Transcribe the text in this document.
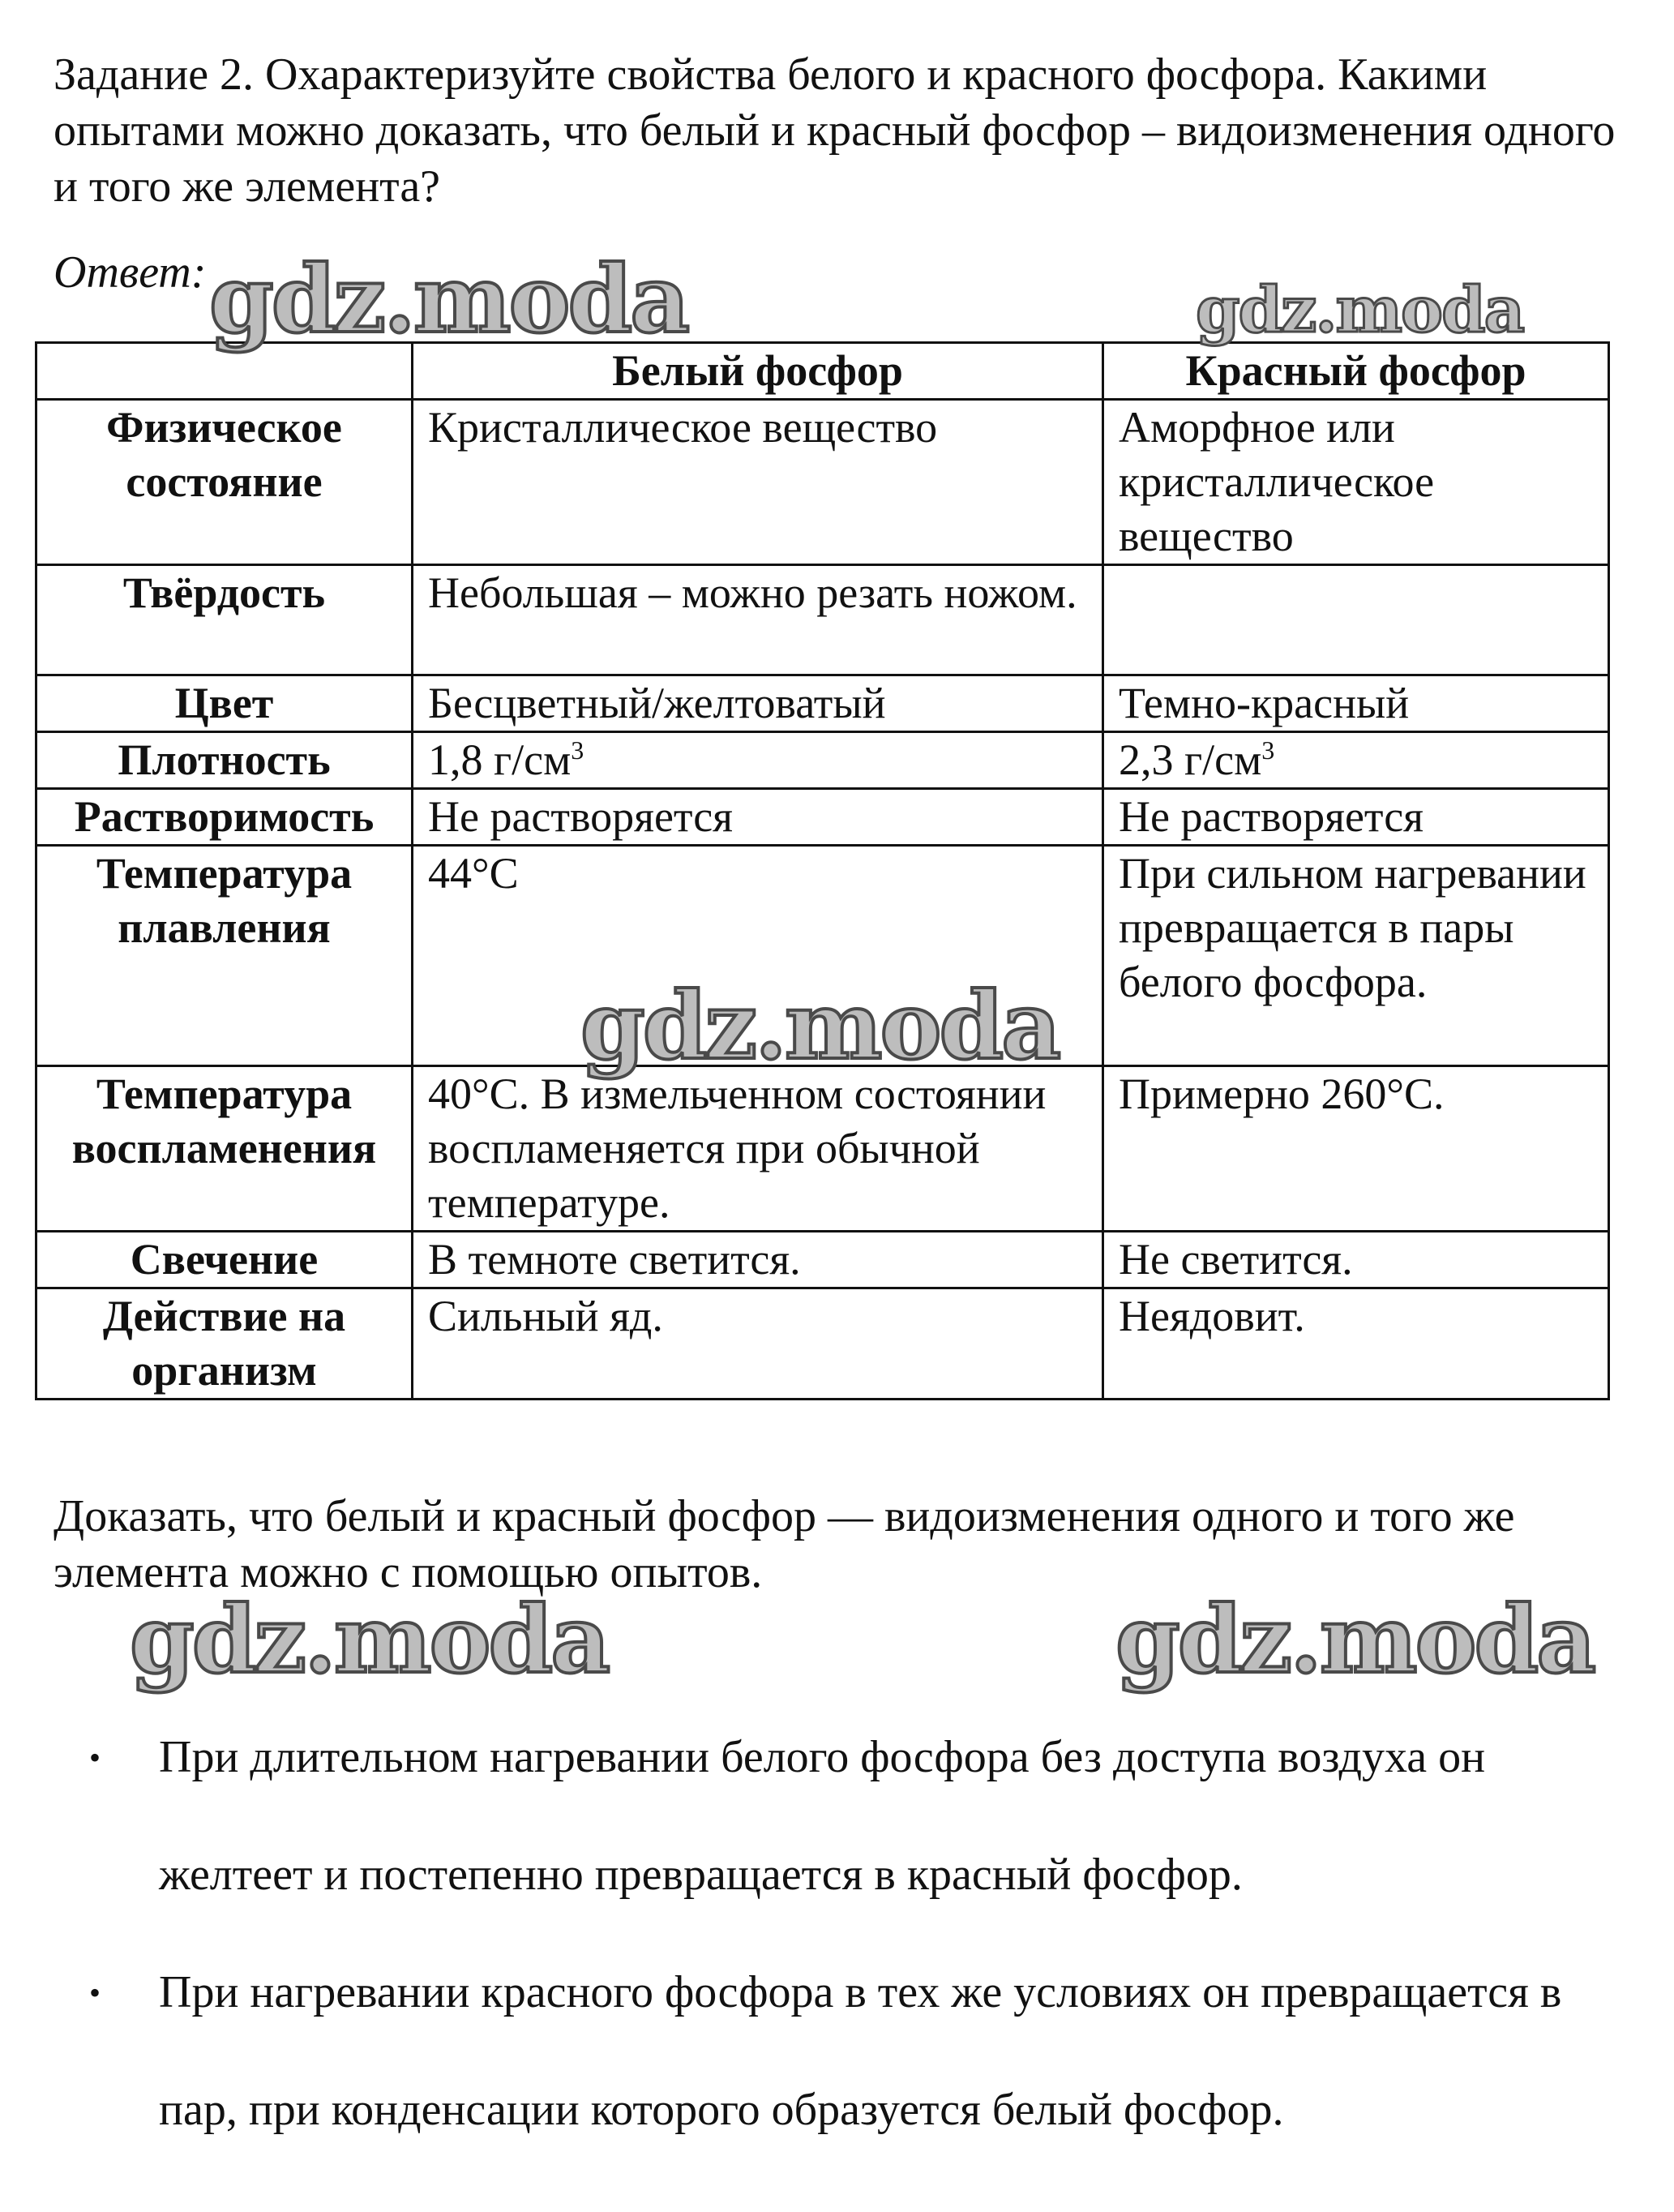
Задание 2. Охарактеризуйте свойства белого и красного фосфора. Какими опытами можно доказать, что белый и красный фосфор – видоизменения одного и того же элемента?
Ответ:
	Белый фосфор	Красный фосфор
Физическое состояние	Кристаллическое вещество	Аморфное или кристаллическое вещество
Твёрдость	Небольшая – можно резать ножом.	
Цвет	Бесцветный/желтоватый	Темно-красный
Плотность	1,8 $г/см^3$	2,3 $г/см^3$
Растворимость	Не растворяется	Не растворяется
Температура плавления	44°С	При сильном нагревании превращается в пары белого фосфора.
Температура воспламенения	40°С. В измельченном состоянии воспламеняется при обычной температуре.	Примерно 260°С.
Свечение	В темноте светится.	Не светится.
Действие на организм	Сильный яд.	Неядовит.
Доказать, что белый и красный фосфор — видоизменения одного и того же элемента можно с помощью опытов.
• При длительном нагревании белого фосфора без доступа воздуха он желтеет и постепенно превращается в красный фосфор.
• При нагревании красного фосфора в тех же условиях он превращается в пар, при конденсации которого образуется белый фосфор.
gdz.moda	gdz.moda
gdz.moda
gdz.moda	gdz.moda
